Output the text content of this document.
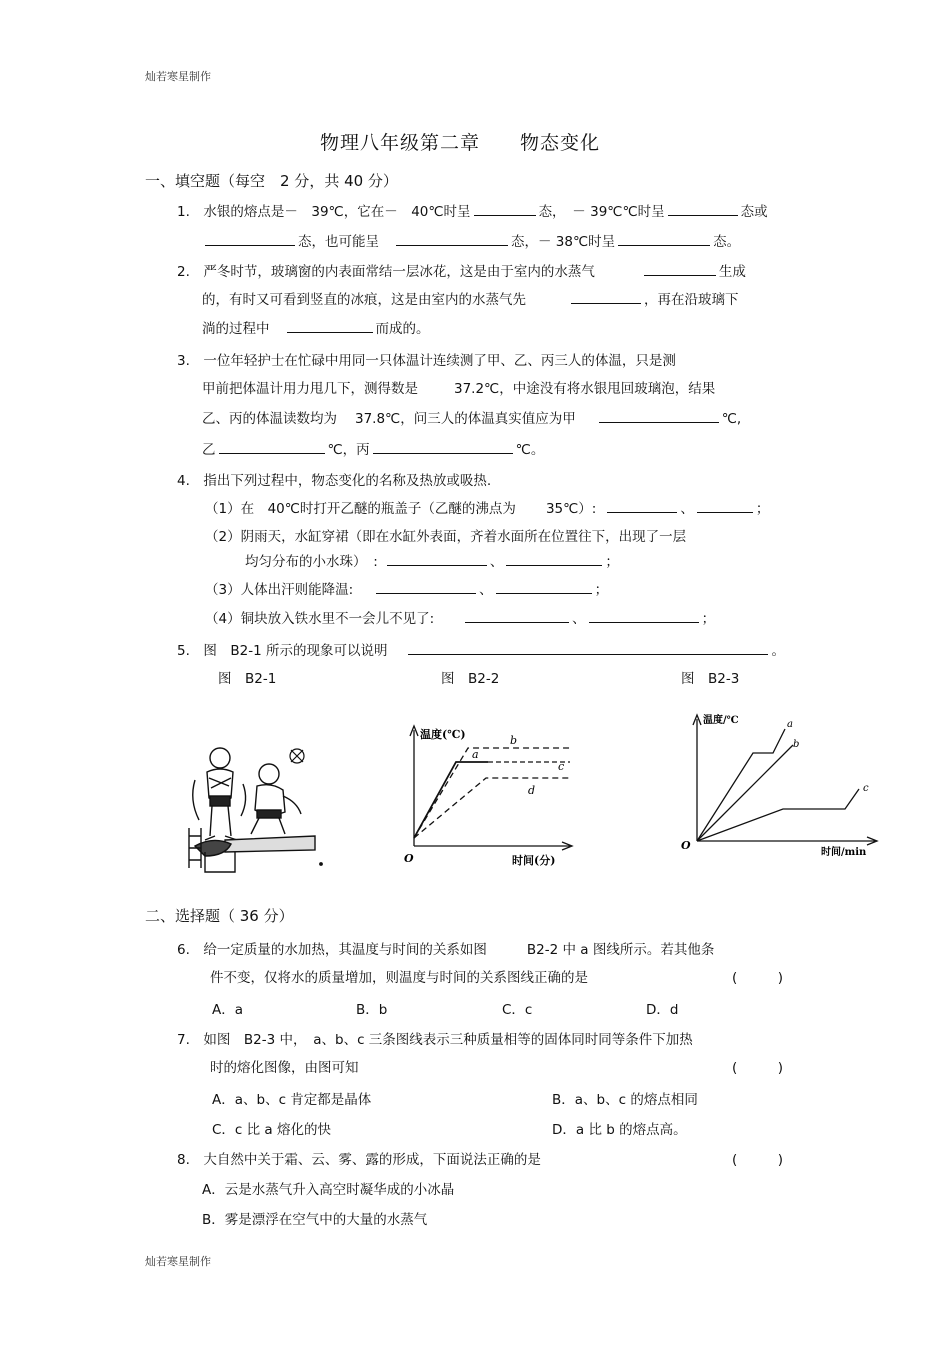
灿若寒星制作
灿若寒星制作
物理八年级第二章　　物态变化
一、填空题（每空　2 分，共 40 分）
1.　水银的熔点是－　39℃，它在－　40℃时呈	态，　－ 39℃℃时呈	态或
态，也可能呈	态，－ 38℃时呈	态。
2.　严冬时节，玻璃窗的内表面常结一层冰花，这是由于室内的水蒸气	生成
的，有时又可看到竖直的冰痕，这是由室内的水蒸气先	，再在沿玻璃下
淌的过程中	而成的。
3.　一位年轻护士在忙碌中用同一只体温计连续测了甲、乙、丙三人的体温，只是测
甲前把体温计用力甩几下，测得数是	37.2℃，中途没有将水银甩回玻璃泡，结果
乙、丙的体温读数均为 37.8℃，问三人的体温真实值应为甲	℃,
乙	℃，丙	℃。
4.　指出下列过程中，物态变化的名称及热放或吸热.
（1）在　40℃时打开乙醚的瓶盖子（乙醚的沸点为 35℃）:	、	；
（2）阴雨天，水缸穿裙（即在水缸外表面，齐着水面所在位置往下，出现了一层
均匀分布的小水珠）　:	、	；
（3）人体出汗则能降温:	、	；
（4）铜块放入铁水里不一会儿不见了:	、	；
5.　图　B2-1 所示的现象可以说明	。
图　B2-1	图　B2-2	图　B2-3
温度(℃)
时间(分)
O
a
b
c
d
温度/℃
时间/min
O
a
b
c
二、选择题（ 36 分）
6.　给一定质量的水加热，其温度与时间的关系如图	B2-2 中 a 图线所示。若其他条
件不变，仅将水的质量增加，则温度与时间的关系图线正确的是	(　　　)
A．a	B．b	C．c	D．d
7.　如图　B2-3 中，　a、b、c 三条图线表示三种质量相等的固体同时同等条件下加热
时的熔化图像，由图可知	(　　　)
A．a、b、c 肯定都是晶体	B．a、b、c 的熔点相同
C．c 比 a 熔化的快	D．a 比 b 的熔点高。
8.　大自然中关于霜、云、雾、露的形成，下面说法正确的是	(　　　)
A．云是水蒸气升入高空时凝华成的小冰晶
B．雾是漂浮在空气中的大量的水蒸气
